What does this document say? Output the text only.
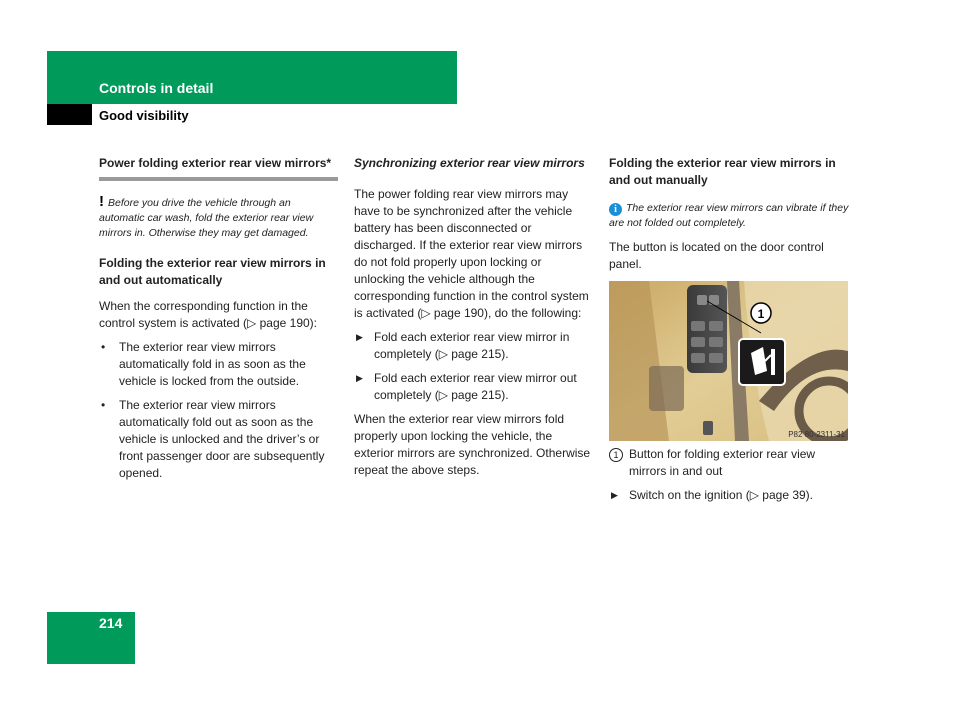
Controls in detail
Good visibility

Power folding exterior rear view mirrors*

! Before you drive the vehicle through an automatic car wash, fold the exterior rear view mirrors in. Otherwise they may get damaged.

Folding the exterior rear view mirrors in and out automatically

When the corresponding function in the control system is activated (▷ page 190):

• The exterior rear view mirrors automatically fold in as soon as the vehicle is locked from the outside.
• The exterior rear view mirrors automatically fold out as soon as the vehicle is unlocked and the driver’s or front passenger door are subsequently opened.

Synchronizing exterior rear view mirrors

The power folding rear view mirrors may have to be synchronized after the vehicle battery has been disconnected or discharged. If the exterior rear view mirrors do not fold properly upon locking or unlocking the vehicle although the corresponding function in the control system is activated (▷ page 190), do the following:

▶ Fold each exterior rear view mirror in completely (▷ page 215).
▶ Fold each exterior rear view mirror out completely (▷ page 215).

When the exterior rear view mirrors fold properly upon locking the vehicle, the exterior mirrors are synchronized. Otherwise repeat the above steps.

Folding the exterior rear view mirrors in and out manually

i The exterior rear view mirrors can vibrate if they are not folded out completely.

The button is located on the door control panel.

1
P82 80-2311-31

1 Button for folding exterior rear view mirrors in and out

▶ Switch on the ignition (▷ page 39).
214
